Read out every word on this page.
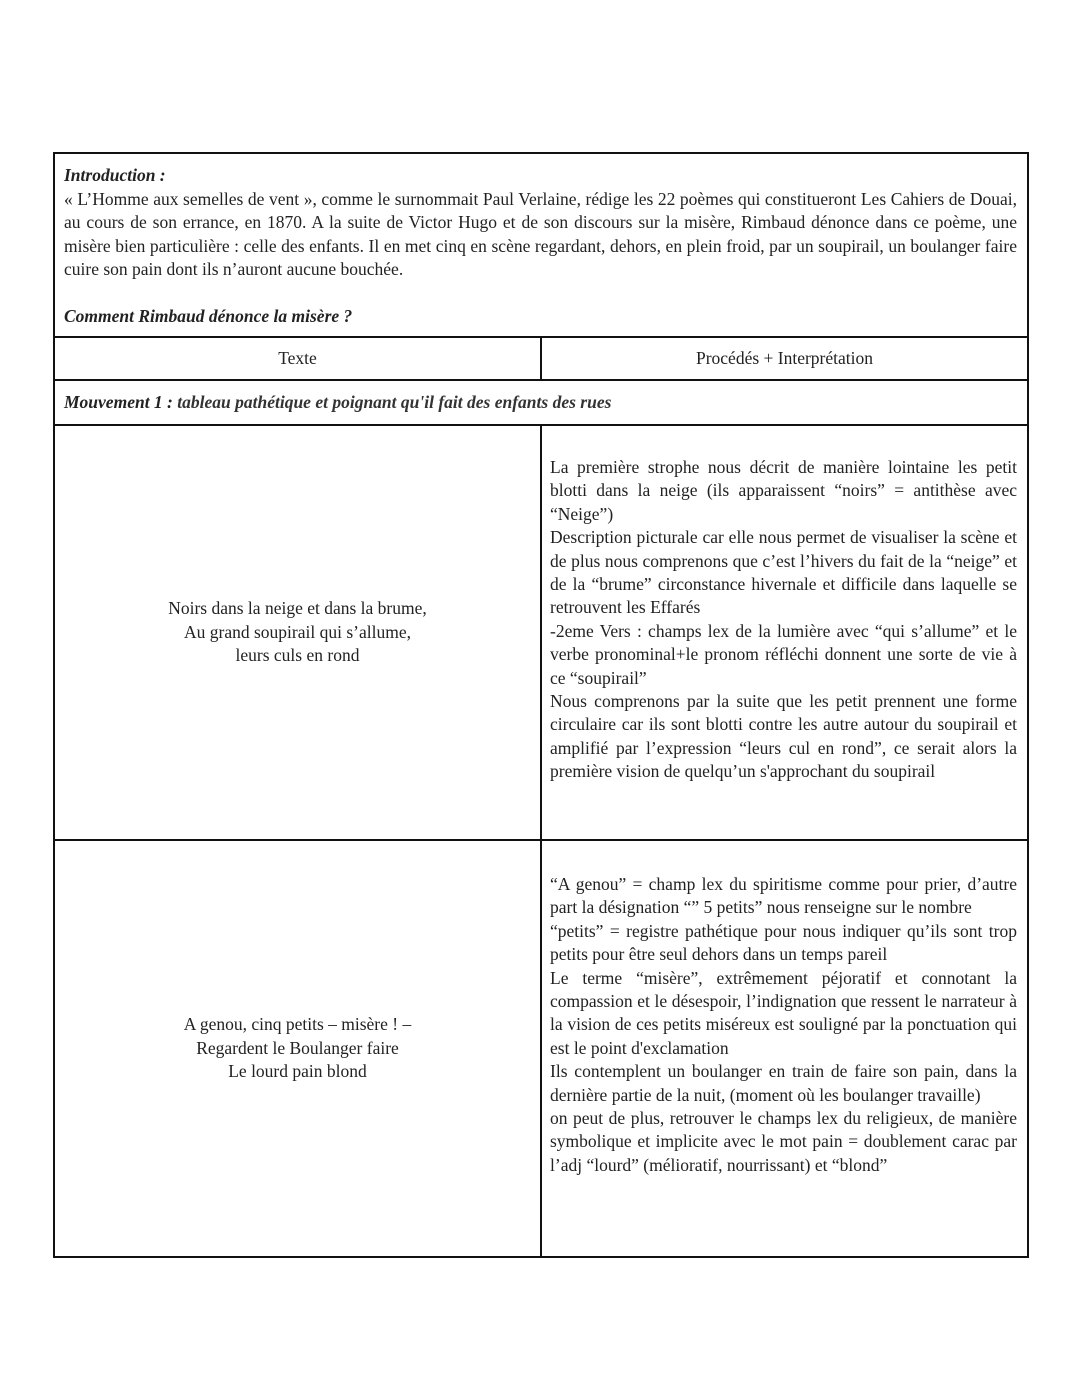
Introduction :

« L’Homme aux semelles de vent », comme le surnommait Paul Verlaine, rédige les 22 poèmes qui constitueront Les Cahiers de Douai, au cours de son errance, en 1870. A la suite de Victor Hugo et de son discours sur la misère, Rimbaud dénonce dans ce poème, une misère bien particulière : celle des enfants. Il en met cinq en scène regardant, dehors, en plein froid, par un soupirail, un boulanger faire cuire son pain dont ils n’auront aucune bouchée.

Comment Rimbaud dénonce la misère ?

Texte	Procédés + Interprétation
Mouvement 1 :
tableau pathétique et poignant qu'il fait des enfants des rues
Noirs dans la neige et dans la brume,
Au grand soupirail qui s’allume,
leurs culs en rond

La première strophe nous décrit de manière lointaine les petit blotti dans la neige (ils apparaissent “noirs” = antithèse avec “Neige”)

Description picturale car elle nous permet de visualiser la scène et de plus nous comprenons que c’est l’hivers du fait de la “neige” et de la “brume” circonstance hivernale et difficile dans laquelle se retrouvent les Effarés

-2eme Vers : champs lex de la lumière avec “qui s’allume” et le verbe pronominal+le pronom réfléchi donnent une sorte de vie à ce “soupirail”

Nous comprenons par la suite que les petit prennent une forme circulaire car ils sont blotti contre les autre autour du soupirail et amplifié par l’expression “leurs cul en rond”, ce serait alors la première vision de quelqu’un s'approchant du soupirail

A genou, cinq petits – misère ! –
Regardent le Boulanger faire
Le lourd pain blond

“A genou” = champ lex du spiritisme comme pour prier, d’autre part la désignation “” 5 petits” nous renseigne sur le nombre

“petits” = registre pathétique pour nous indiquer qu’ils sont trop petits pour être seul dehors dans un temps pareil

Le terme “misère”, extrêmement péjoratif et connotant la compassion et le désespoir, l’indignation que ressent le narrateur à la vision de ces petits miséreux est souligné par la ponctuation qui est le point d'exclamation

Ils contemplent un boulanger en train de faire son pain, dans la dernière partie de la nuit, (moment où les boulanger travaille)

on peut de plus, retrouver le champs lex du religieux, de manière symbolique et implicite avec le mot pain = doublement carac par l’adj “lourd” (mélioratif, nourrissant) et “blond”
